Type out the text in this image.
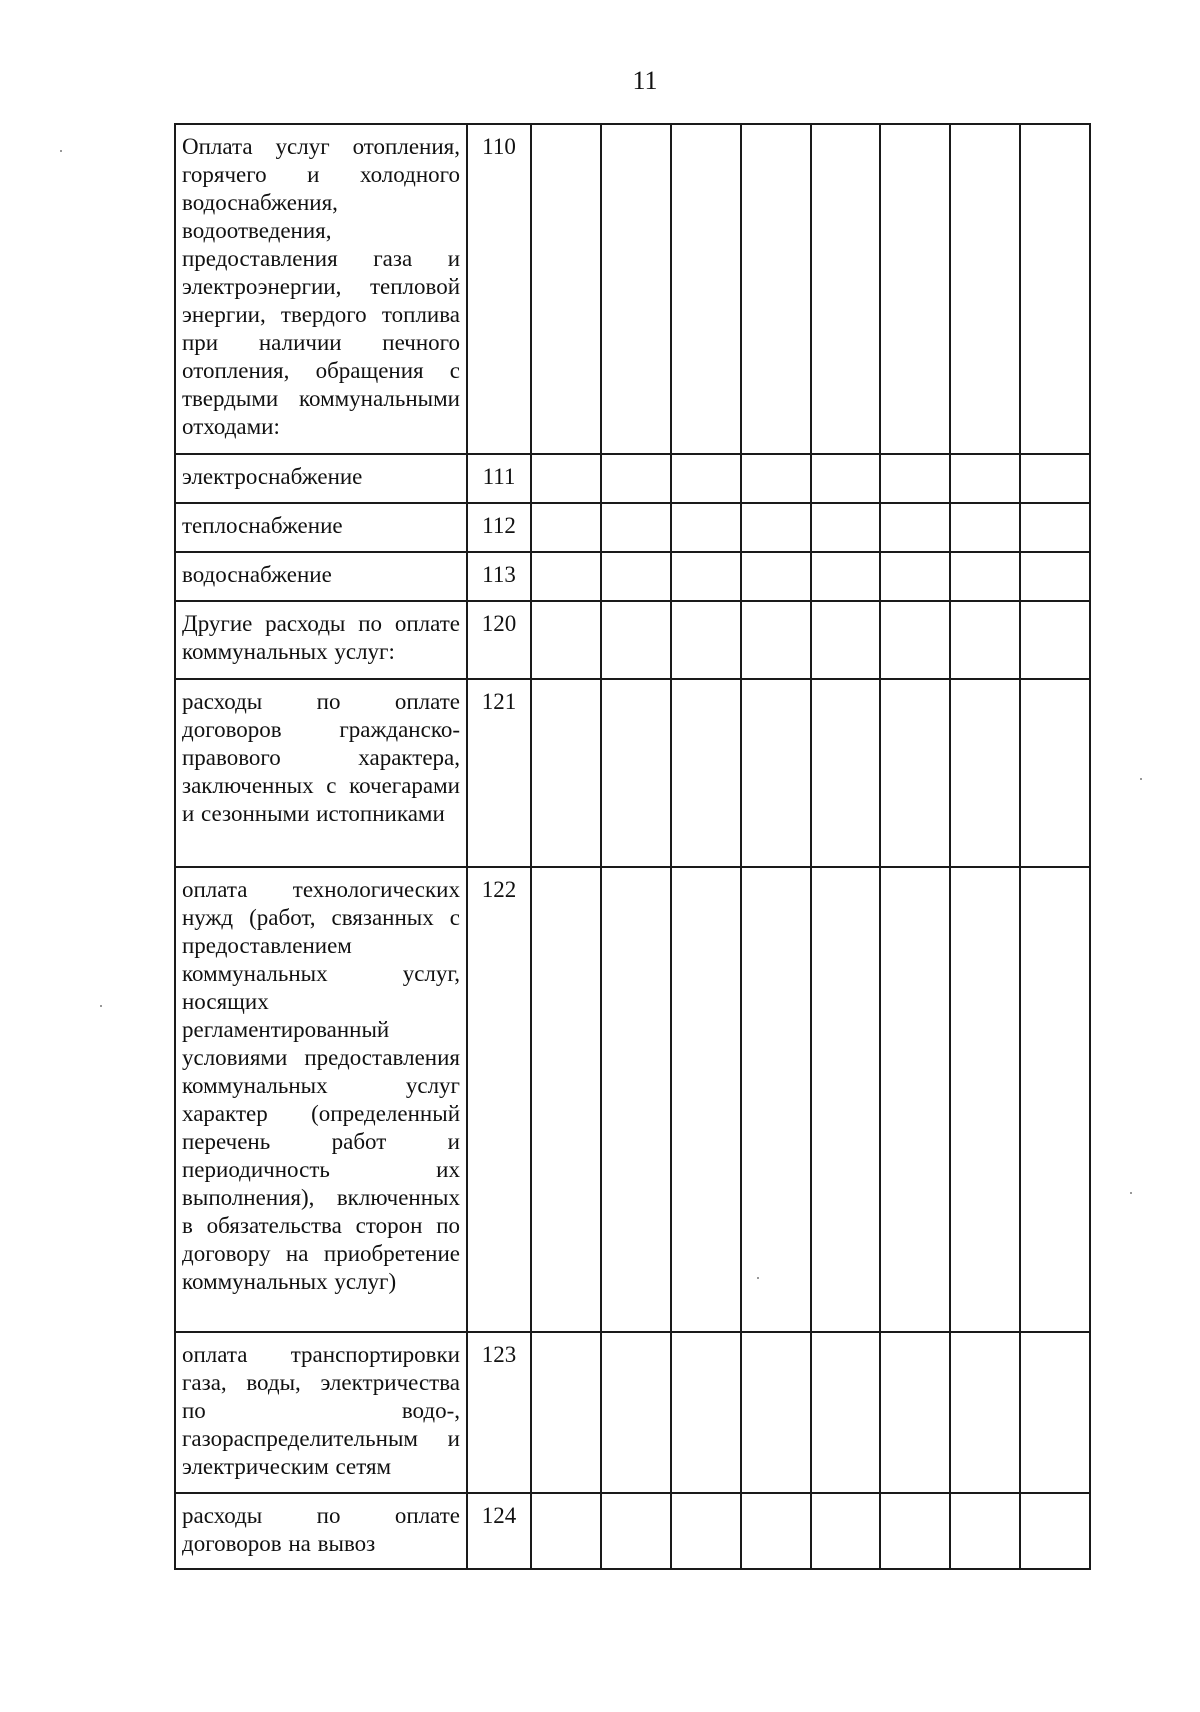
11
Оплата услуг отопления, горячего и холодного водоснабжения, водоотведения, предоставления газа и электроэнергии, тепловой энергии, твердого топлива при наличии печного отопления, обращения с твердыми коммунальными отходами:	110								
электроснабжение	111								
теплоснабжение	112								
водоснабжение	113								
Другие расходы по оплате коммунальных услуг:	120								
расходы по оплате договоров гражданско-правового характера, заключенных с кочегарами и сезонными истопниками	121								
оплата технологических нужд (работ, связанных с предоставлением коммунальных услуг, носящих регламентированный условиями предоставления коммунальных услуг характер (определенный перечень работ и периодичность их выполнения), включенных в обязательства сторон по договору на приобретение коммунальных услуг)	122								
оплата транспортировки газа, воды, электричества по водо-, газораспределительным и электрическим сетям	123								
расходы по оплате договоров на вывоз	124								
